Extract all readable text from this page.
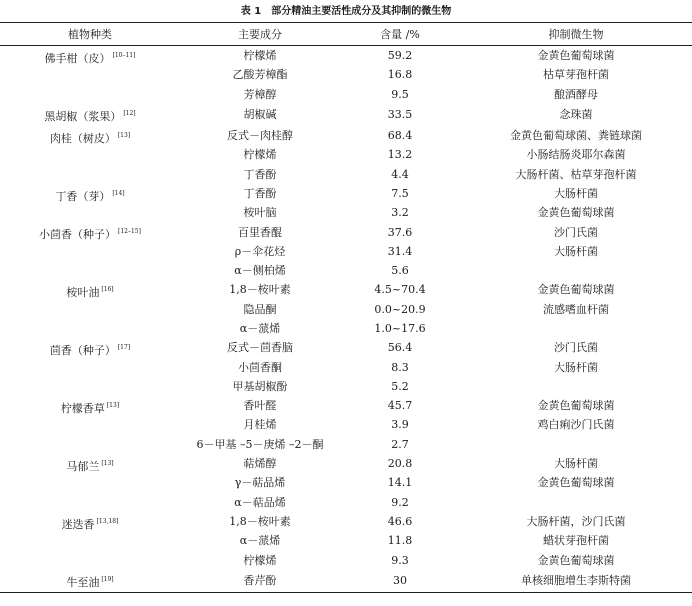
表 1 部分精油主要活性成分及其抑制的微生物
植物种类	主要成分	含量 /%	抑制微生物
佛手柑（皮） [10–11]	柠檬烯	59.2	金黄色葡萄球菌
	乙酸芳樟酯	16.8	枯草芽孢杆菌
	芳樟醇	9.5	酿酒酵母
黑胡椒（浆果） [12]	胡椒碱	33.5	念珠菌
肉桂（树皮） [13]	反式－肉桂醇	68.4	金黄色葡萄球菌、粪链球菌
	柠檬烯	13.2	小肠结肠炎耶尔森菌
	丁香酚	4.4	大肠杆菌、枯草芽孢杆菌
丁香（芽） [14]	丁香酚	7.5	大肠杆菌
	桉叶脑	3.2	金黄色葡萄球菌
小茴香（种子） [12–15]	百里香醌	37.6	沙门氏菌
	ρ－伞花烃	31.4	大肠杆菌
	α－侧柏烯	5.6	
桉叶油 [16]	1,8－桉叶素	4.5~70.4	金黄色葡萄球菌
	隐品酮	0.0~20.9	流感嗜血杆菌
	α－蒎烯	1.0~17.6	
茴香（种子） [17]	反式－茴香脑	56.4	沙门氏菌
	小茴香酮	8.3	大肠杆菌
	甲基胡椒酚	5.2	
柠檬香草 [13]	香叶醛	45.7	金黄色葡萄球菌
	月桂烯	3.9	鸡白痢沙门氏菌
	6－甲基 –5－庚烯 –2－酮	2.7	
马郁兰 [13]	萜烯醇	20.8	大肠杆菌
	γ－萜品烯	14.1	金黄色葡萄球菌
	α－萜品烯	9.2	
迷迭香 [13,18]	1,8－桉叶素	46.6	大肠杆菌，沙门氏菌
	α－蒎烯	11.8	蜡状芽孢杆菌
	柠檬烯	9.3	金黄色葡萄球菌
牛至油 [19]	香芹酚	30	单核细胞增生李斯特菌
